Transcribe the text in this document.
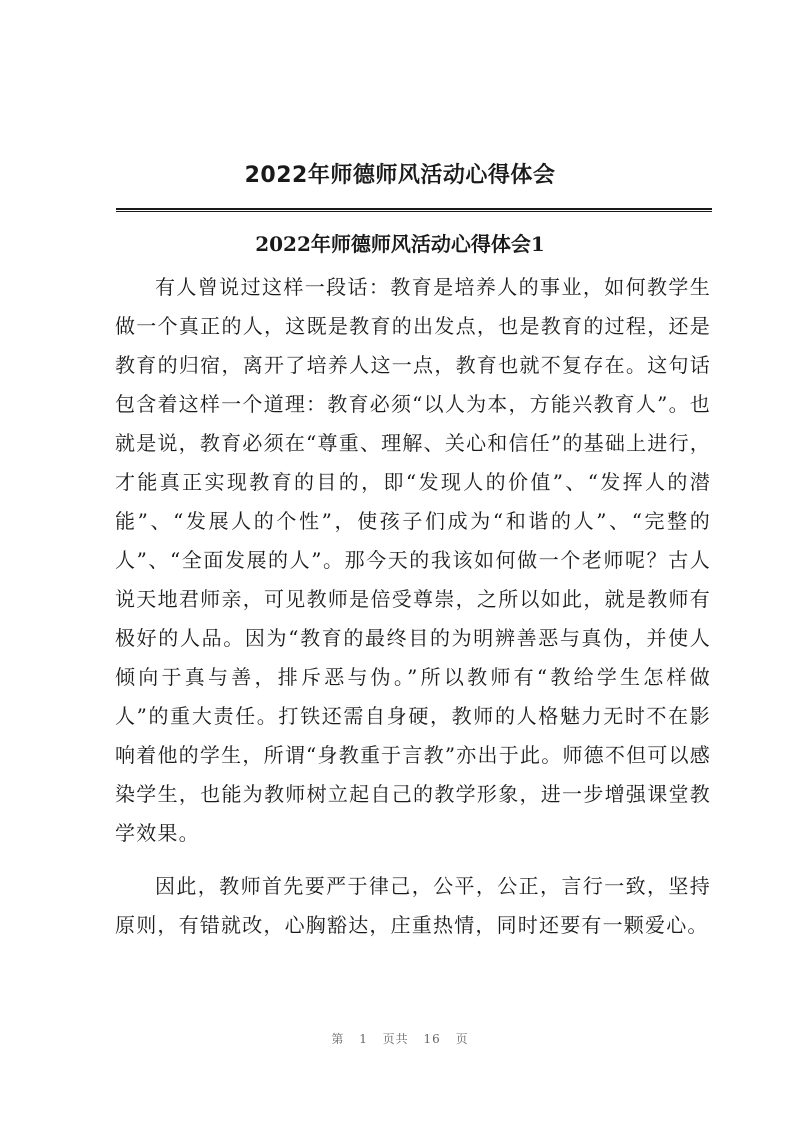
2022年师德师风活动心得体会
2022年师德师风活动心得体会1

有人曾说过这样一段话：教育是培养人的事业，如何教学生做一个真正的人，这既是教育的出发点，也是教育的过程，还是教育的归宿，离开了培养人这一点，教育也就不复存在。这句话包含着这样一个道理：教育必须“以人为本，方能兴教育人”。也就是说，教育必须在“尊重、理解、关心和信任”的基础上进行，才能真正实现教育的目的，即“发现人的价值”、“发挥人的潜能”、“发展人的个性”，使孩子们成为“和谐的人”、“完整的人”、“全面发展的人”。那今天的我该如何做一个老师呢？古人说天地君师亲，可见教师是倍受尊崇，之所以如此，就是教师有极好的人品。因为“教育的最终目的为明辨善恶与真伪，并使人倾向于真与善，排斥恶与伪。”所以教师有“教给学生怎样做人”的重大责任。打铁还需自身硬，教师的人格魅力无时不在影响着他的学生，所谓“身教重于言教”亦出于此。师德不但可以感染学生，也能为教师树立起自己的教学形象，进一步增强课堂教学效果。

因此，教师首先要严于律己，公平，公正，言行一致，坚持原则，有错就改，心胸豁达，庄重热情，同时还要有一颗爱心。

第 1 页共 16 页
